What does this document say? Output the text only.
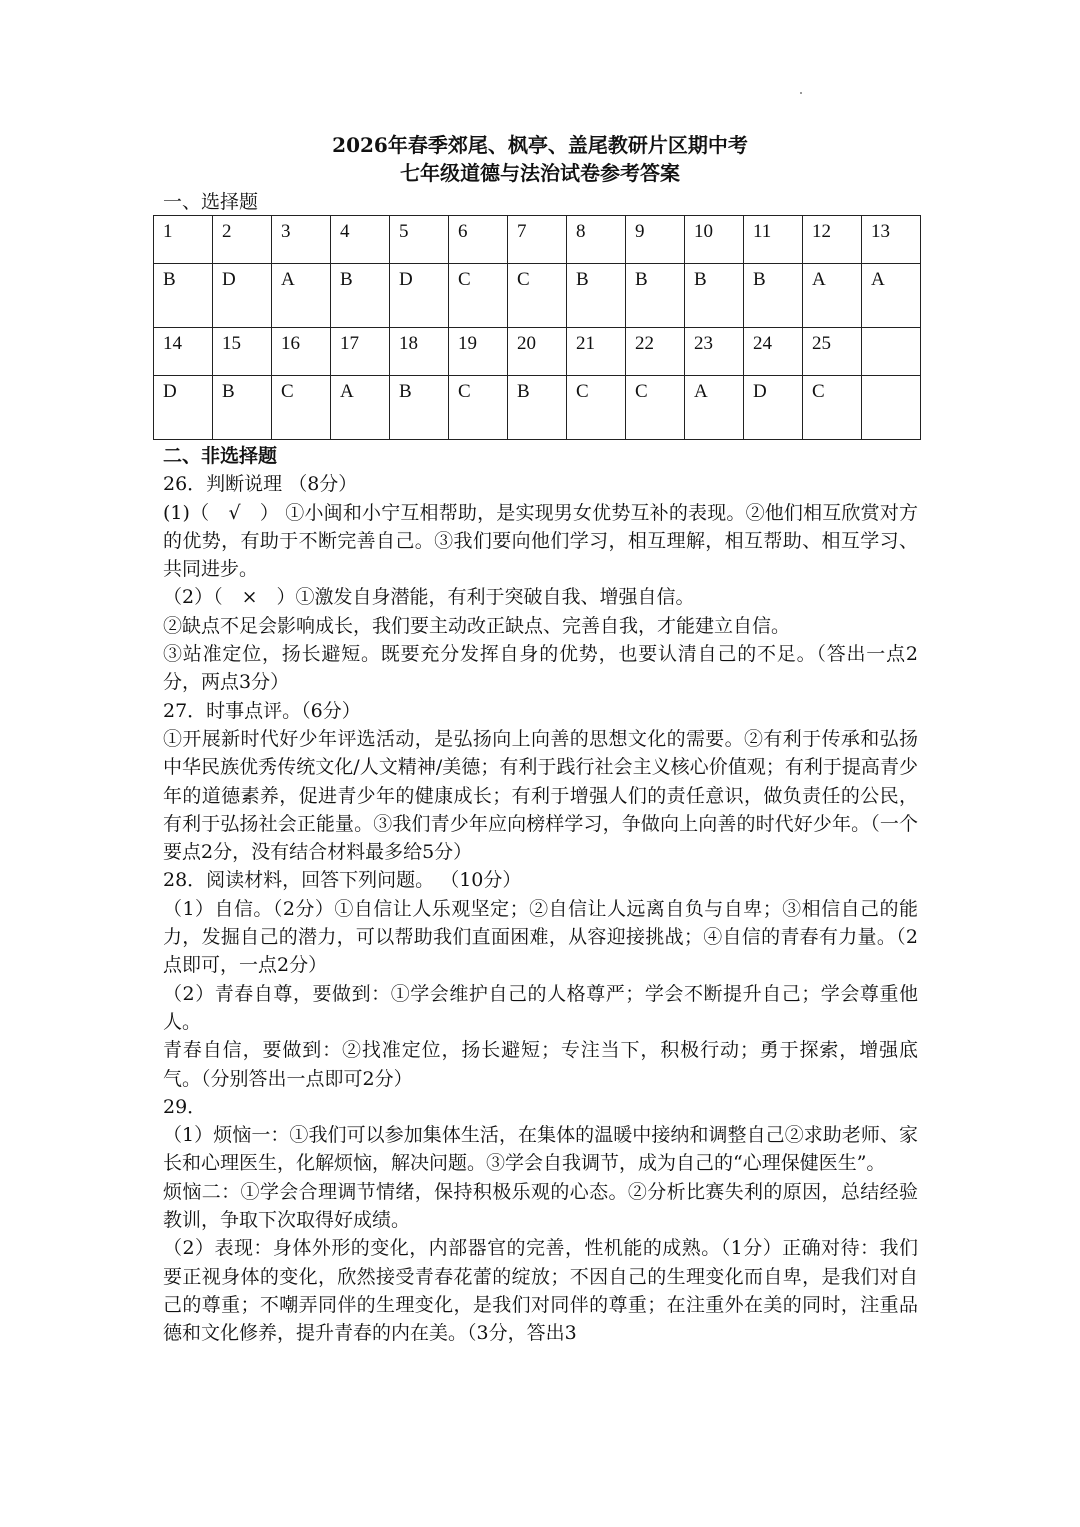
2026年春季郊尾、枫亭、盖尾教研片区期中考
七年级道德与法治试卷参考答案
一、选择题
1	2	3	4	5	6	7	8	9	10	11	12	13
B	D	A	B	D	C	C	B	B	B	B	A	A
14	15	16	17	18	19	20	21	22	23	24	25	
D	B	C	A	B	C	B	C	C	A	D	C	

二、非选择题

26．判断说理 （8分）

(1)（　√　） ①小闽和小宁互相帮助，是实现男女优势互补的表现。②他们相互欣赏对方的优势，有助于不断完善自己。③我们要向他们学习，相互理解，相互帮助、相互学习、共同进步。

（2）（　×　）①激发自身潜能，有利于突破自我、增强自信。

②缺点不足会影响成长，我们要主动改正缺点、完善自我，才能建立自信。

③站准定位，扬长避短。既要充分发挥自身的优势，也要认清自己的不足。（答出一点2分，两点3分）

27．时事点评。（6分）

①开展新时代好少年评选活动，是弘扬向上向善的思想文化的需要。②有利于传承和弘扬中华民族优秀传统文化/人文精神/美德；有利于践行社会主义核心价值观；有利于提高青少年的道德素养，促进青少年的健康成长；有利于增强人们的责任意识，做负责任的公民，有利于弘扬社会正能量。③我们青少年应向榜样学习，争做向上向善的时代好少年。（一个要点2分，没有结合材料最多给5分）

28．阅读材料，回答下列问题。 （10分）

（1）自信。（2分）①自信让人乐观坚定；②自信让人远离自负与自卑；③相信自己的能力，发掘自己的潜力，可以帮助我们直面困难，从容迎接挑战；④自信的青春有力量。（2点即可，一点2分）

（2）青春自尊，要做到：①学会维护自己的人格尊严；学会不断提升自己；学会尊重他人。

青春自信，要做到：②找准定位，扬长避短；专注当下，积极行动；勇于探索，增强底气。（分别答出一点即可2分）

29．

（1）烦恼一：①我们可以参加集体生活，在集体的温暖中接纳和调整自己②求助老师、家长和心理医生，化解烦恼，解决问题。③学会自我调节，成为自己的“心理保健医生”。

烦恼二：①学会合理调节情绪，保持积极乐观的心态。②分析比赛失利的原因，总结经验教训，争取下次取得好成绩。

（2）表现：身体外形的变化，内部器官的完善，性机能的成熟。（1分）正确对待：我们要正视身体的变化，欣然接受青春花蕾的绽放；不因自己的生理变化而自卑，是我们对自己的尊重；不嘲弄同伴的生理变化，是我们对同伴的尊重；在注重外在美的同时，注重品德和文化修养，提升青春的内在美。（3分，答出3
